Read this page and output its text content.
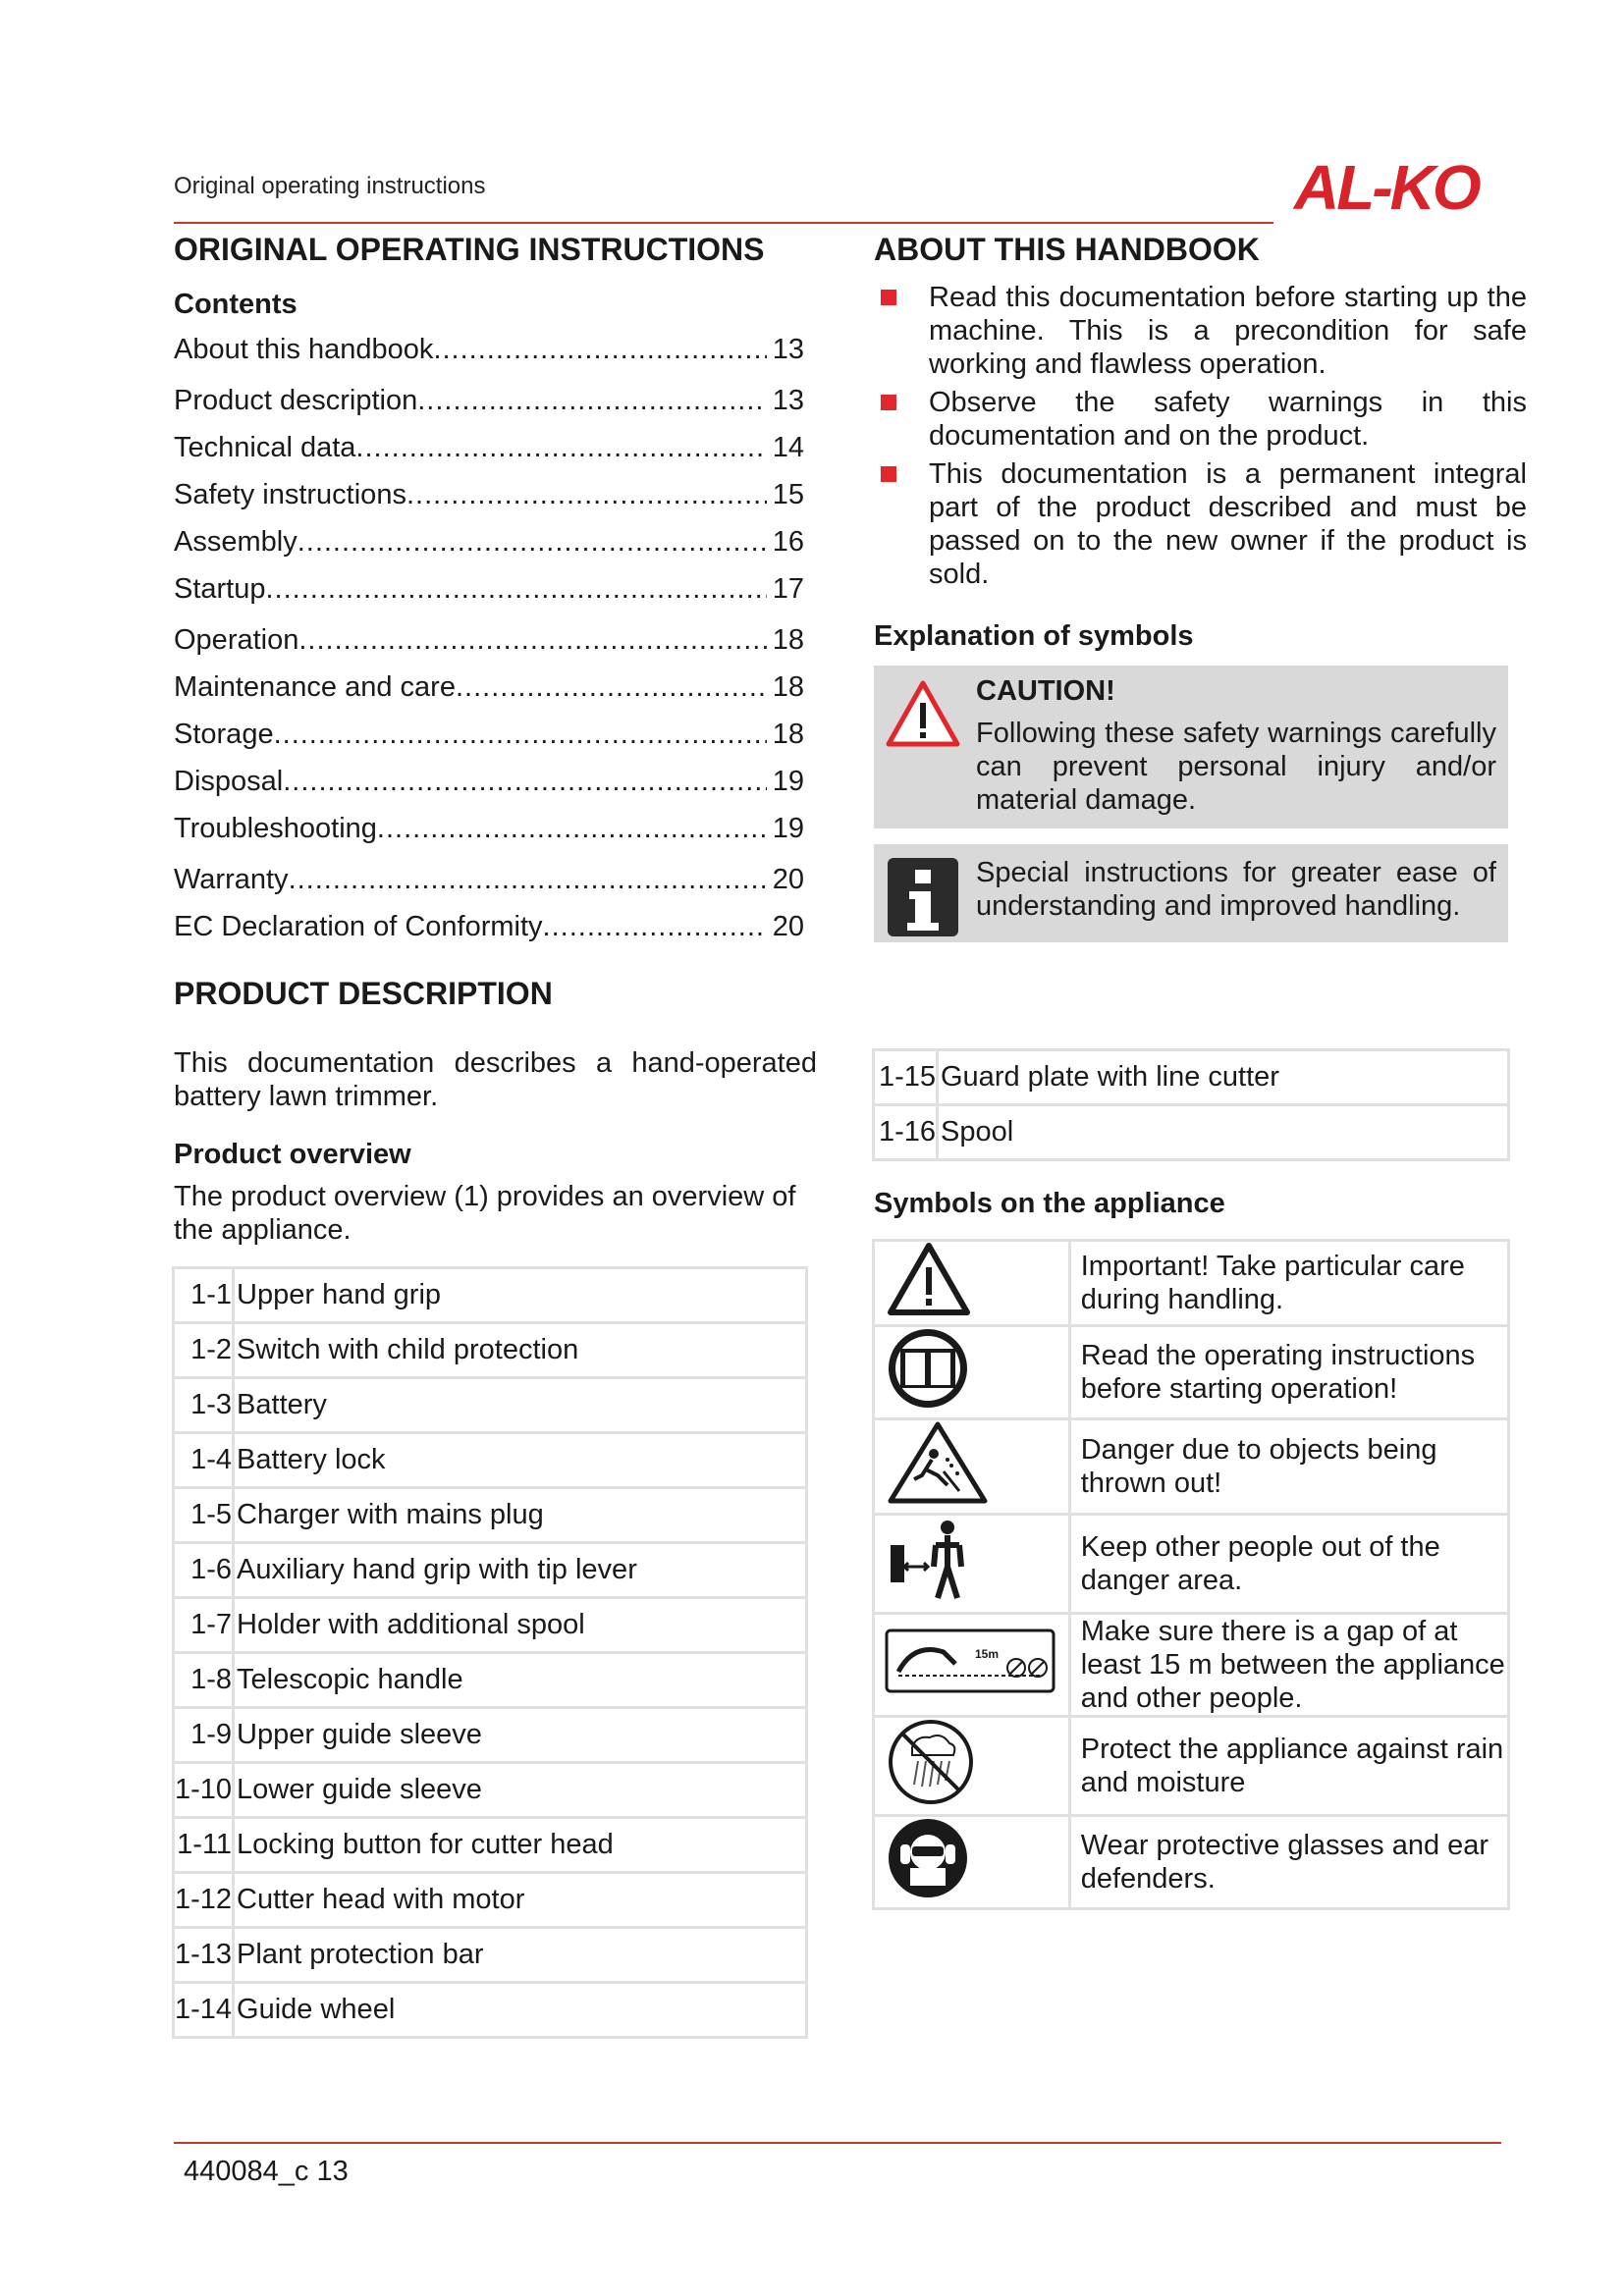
Original operating instructions	AL-KO
ORIGINAL OPERATING INSTRUCTIONS
Contents
About this handbook .....	13
Product description .....	13
Technical data .....	14
Safety instructions .....	15
Assembly .....	16
Startup .....	17
Operation .....	18
Maintenance and care .....	18
Storage .....	18
Disposal .....	19
Troubleshooting .....	19
Warranty .....	20
EC Declaration of Conformity .....	20
PRODUCT DESCRIPTION
This documentation describes a hand-operated battery lawn trimmer.
Product overview
The product overview (1) provides an overview of the appliance.
1-1	Upper hand grip
1-2	Switch with child protection
1-3	Battery
1-4	Battery lock
1-5	Charger with mains plug
1-6	Auxiliary hand grip with tip lever
1-7	Holder with additional spool
1-8	Telescopic handle
1-9	Upper guide sleeve
1-10	Lower guide sleeve
1-11	Locking button for cutter head
1-12	Cutter head with motor
1-13	Plant protection bar
1-14	Guide wheel
ABOUT THIS HANDBOOK
Read this documentation before starting up the machine. This is a precondition for safe working and flawless operation.
Observe the safety warnings in this documentation and on the product.
This documentation is a permanent integral part of the product described and must be passed on to the new owner if the product is sold.
Explanation of symbols
CAUTION!
Following these safety warnings carefully can prevent personal injury and/or material damage.
Special instructions for greater ease of understanding and improved handling.
1-15	Guard plate with line cutter
1-16	Spool
Symbols on the appliance
	Important! Take particular care during handling.
	Read the operating instructions before starting operation!
	Danger due to objects being thrown out!
	Keep other people out of the danger area.

15m	Make sure there is a gap of at least 15 m between the appliance and other people.
	Protect the appliance against rain and moisture
	Wear protective glasses and ear defenders.
440084_c 13
